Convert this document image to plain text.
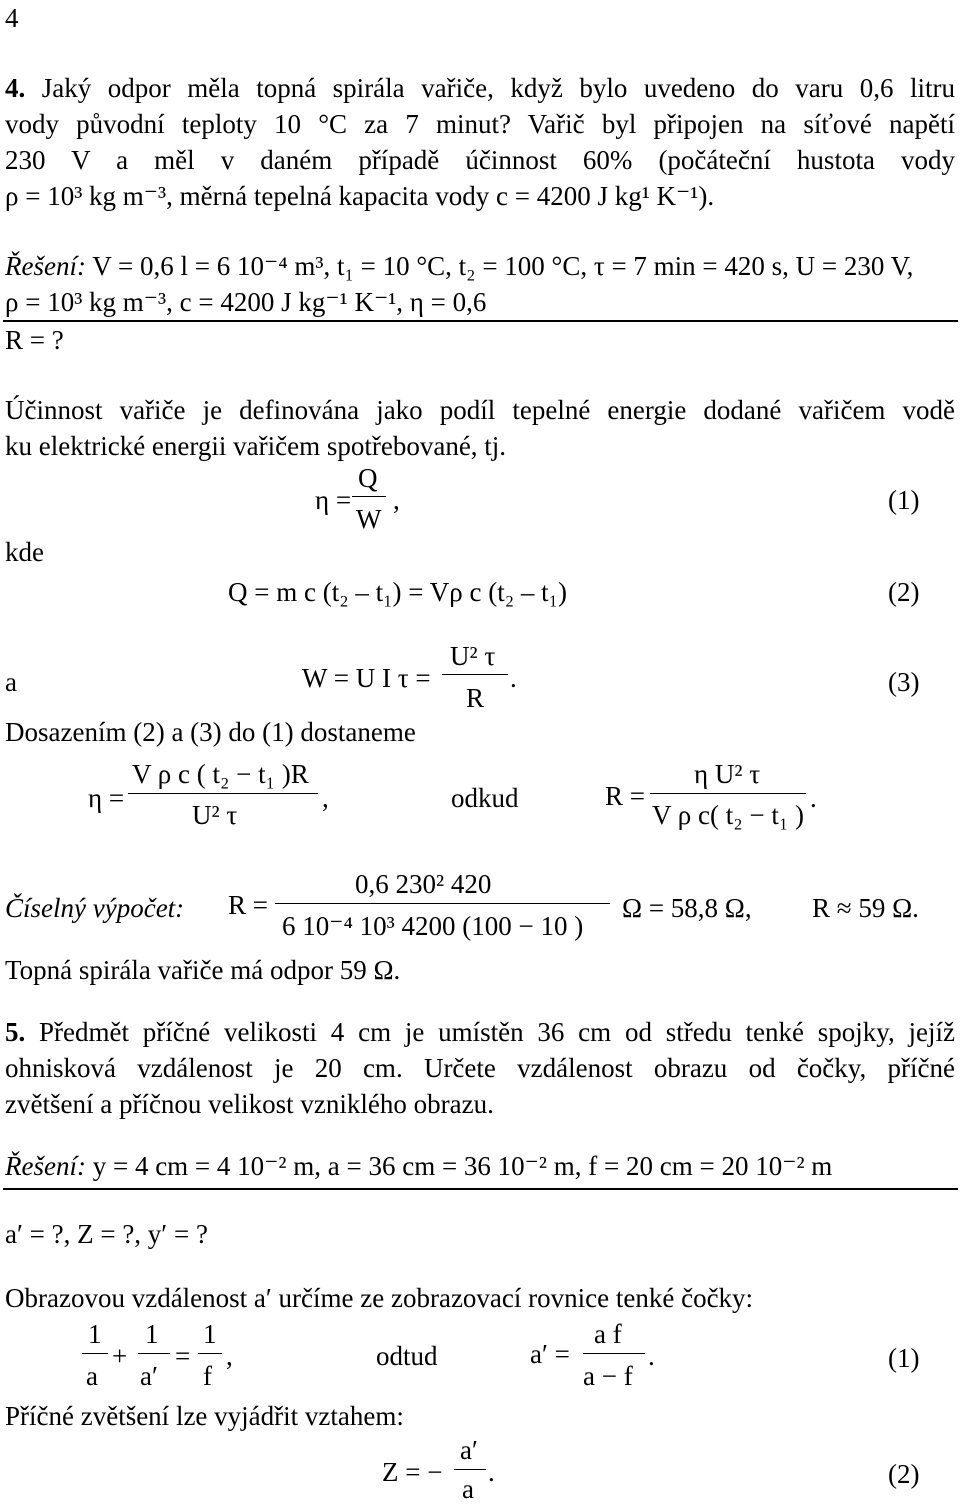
4
4. Jaký odpor měla topná spirála vařiče, když bylo uvedeno do varu 0,6 litru
vody původní teploty 10 °C za 7 minut? Vařič byl připojen na síťové napětí
230 V a měl v daném případě účinnost 60% (počáteční hustota vody
ρ = 10³ kg m⁻³, měrná tepelná kapacita vody c = 4200 J kg¹ K⁻¹).
Řešení: V = 0,6 l = 6 10⁻⁴ m³, t₁ = 10 °C, t₂ = 100 °C, τ = 7 min = 420 s, U = 230 V,
ρ = 10³ kg m⁻³, c = 4200 J kg⁻¹ K⁻¹, η = 0,6
R = ?
Účinnost vařiče je definována jako podíl tepelné energie dodané vařičem vodě
ku elektrické energii vařičem spotřebované, tj.
η =
Q
W
,	(1)
kde
Q = m c (t₂ – t₁) = Vρ c (t₂ – t₁)	(2)
a	W = U I τ =
U² τ
R
.	(3)
Dosazením (2) a (3) do (1) dostaneme
η =
V ρ c ( t₂ − t₁ )R
U² τ
,	odkud	R =
η U² τ
V ρ c( t₂ − t₁ )
.
Číselný výpočet: R =
0,6 230² 420
6 10⁻⁴ 10³ 4200 (100 − 10 )
Ω = 58,8 Ω, R ≈ 59 Ω.
Topná spirála vařiče má odpor 59 Ω.
5. Předmět příčné velikosti 4 cm je umístěn 36 cm od středu tenké spojky, jejíž
ohnisková vzdálenost je 20 cm. Určete vzdálenost obrazu od čočky, příčné
zvětšení a příčnou velikost vzniklého obrazu.
Řešení: y = 4 cm = 4 10⁻² m, a = 36 cm = 36 10⁻² m, f = 20 cm = 20 10⁻² m
a′ = ?, Z = ?, y′ = ?
Obrazovou vzdálenost a′ určíme ze zobrazovací rovnice tenké čočky:
1
a
+
1
a′
=
1
f
,	odtud	a′ =
a f
a − f
.	(1)
Příčné zvětšení lze vyjádřit vztahem:
Z = −
a′
a
.	(2)
